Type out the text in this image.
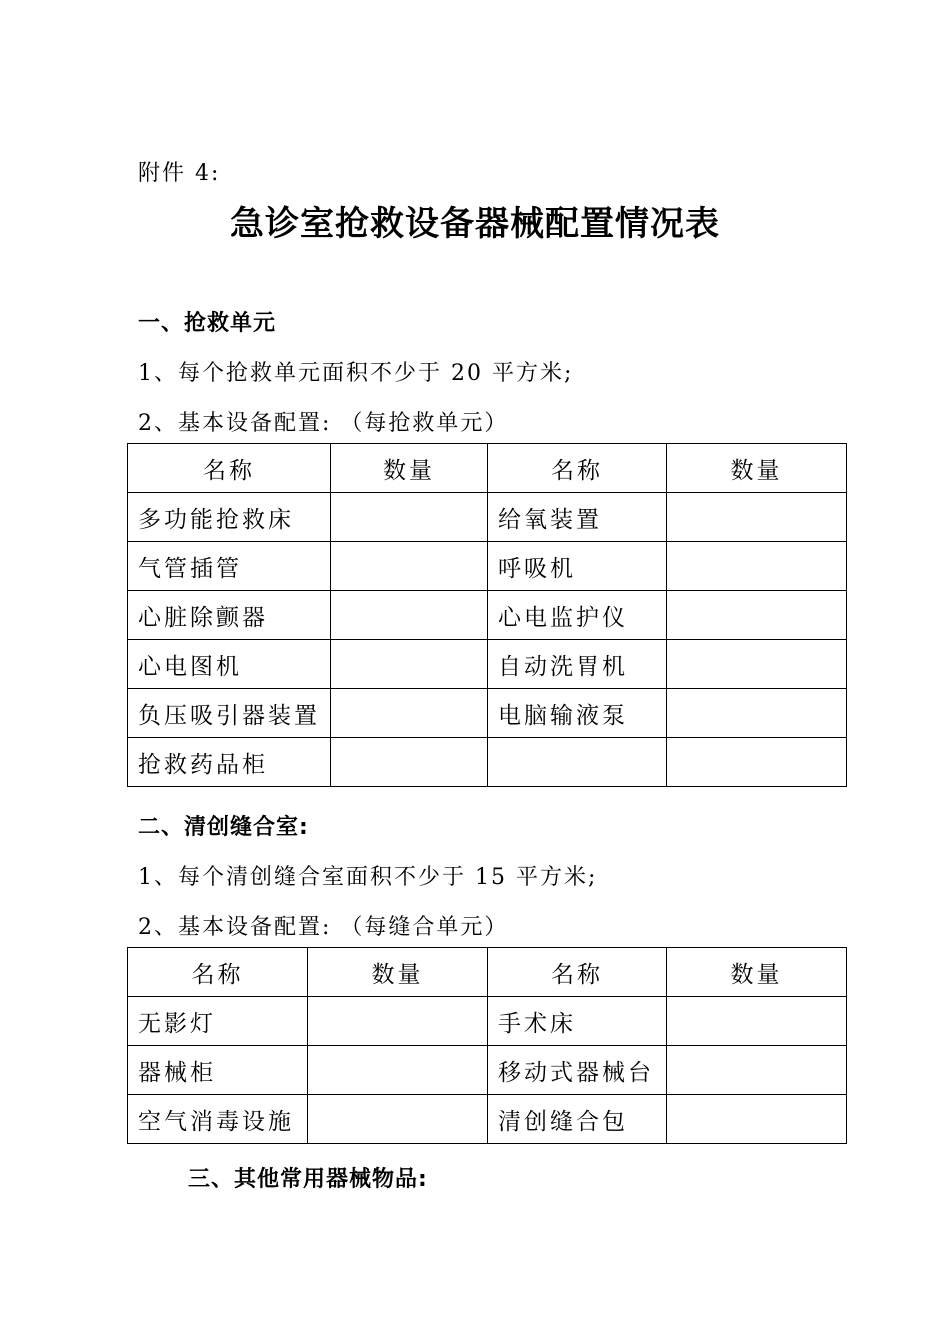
附件 4:
急诊室抢救设备器械配置情况表
一、抢救单元
1、每个抢救单元面积不少于 20 平方米;
2、基本设备配置: （每抢救单元）
名称	数量	名称	数量
多功能抢救床		给氧装置	
气管插管		呼吸机	
心脏除颤器		心电监护仪	
心电图机		自动洗胃机	
负压吸引器装置		电脑输液泵	
抢救药品柜			
二、清创缝合室:
1、每个清创缝合室面积不少于 15 平方米;
2、基本设备配置: （每缝合单元）
名称	数量	名称	数量
无影灯		手术床	
器械柜		移动式器械台	
空气消毒设施		清创缝合包	
三、其他常用器械物品:
